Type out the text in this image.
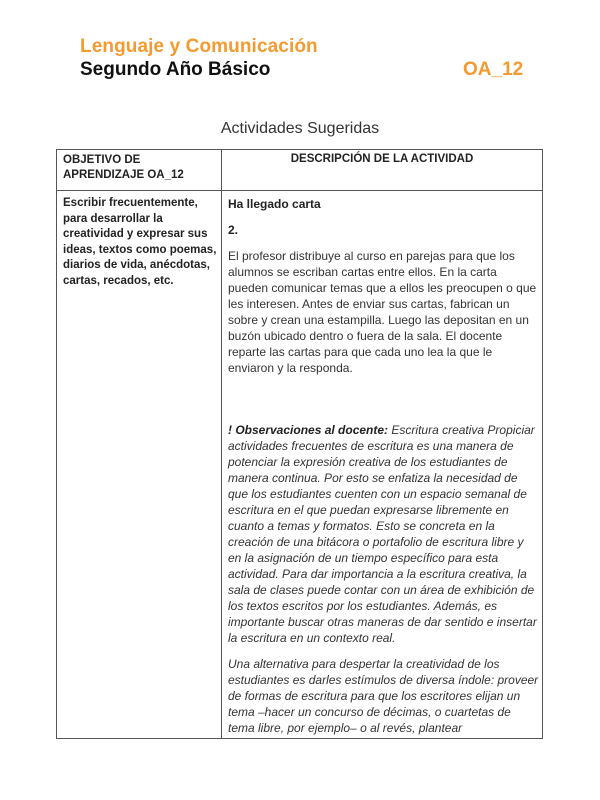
Lenguaje y Comunicación
Segundo Año Básico	OA_12
Actividades Sugeridas
OBJETIVO DE APRENDIZAJE OA_12
DESCRIPCIÓN DE LA ACTIVIDAD
Escribir frecuentemente, para desarrollar la creatividad y expresar sus ideas, textos como poemas, diarios de vida, anécdotas, cartas, recados, etc.

Ha llegado carta

2.

El profesor distribuye al curso en parejas para que los alumnos se escriban cartas entre ellos. En la carta pueden comunicar temas que a ellos les preocupen o que les interesen. Antes de enviar sus cartas, fabrican un sobre y crean una estampilla. Luego las depositan en un buzón ubicado dentro o fuera de la sala. El docente reparte las cartas para que cada uno lea la que le enviaron y la responda.

! Observaciones al docente: Escritura creativa Propiciar actividades frecuentes de escritura es una manera de potenciar la expresión creativa de los estudiantes de manera continua. Por esto se enfatiza la necesidad de que los estudiantes cuenten con un espacio semanal de escritura en el que puedan expresarse libremente en cuanto a temas y formatos. Esto se concreta en la creación de una bitácora o portafolio de escritura libre y en la asignación de un tiempo específico para esta actividad. Para dar importancia a la escritura creativa, la sala de clases puede contar con un área de exhibición de los textos escritos por los estudiantes. Además, es importante buscar otras maneras de dar sentido e insertar la escritura en un contexto real.

Una alternativa para despertar la creatividad de los estudiantes es darles estímulos de diversa índole: proveer de formas de escritura para que los escritores elijan un tema –hacer un concurso de décimas, o cuartetas de tema libre, por ejemplo– o al revés, plantear
